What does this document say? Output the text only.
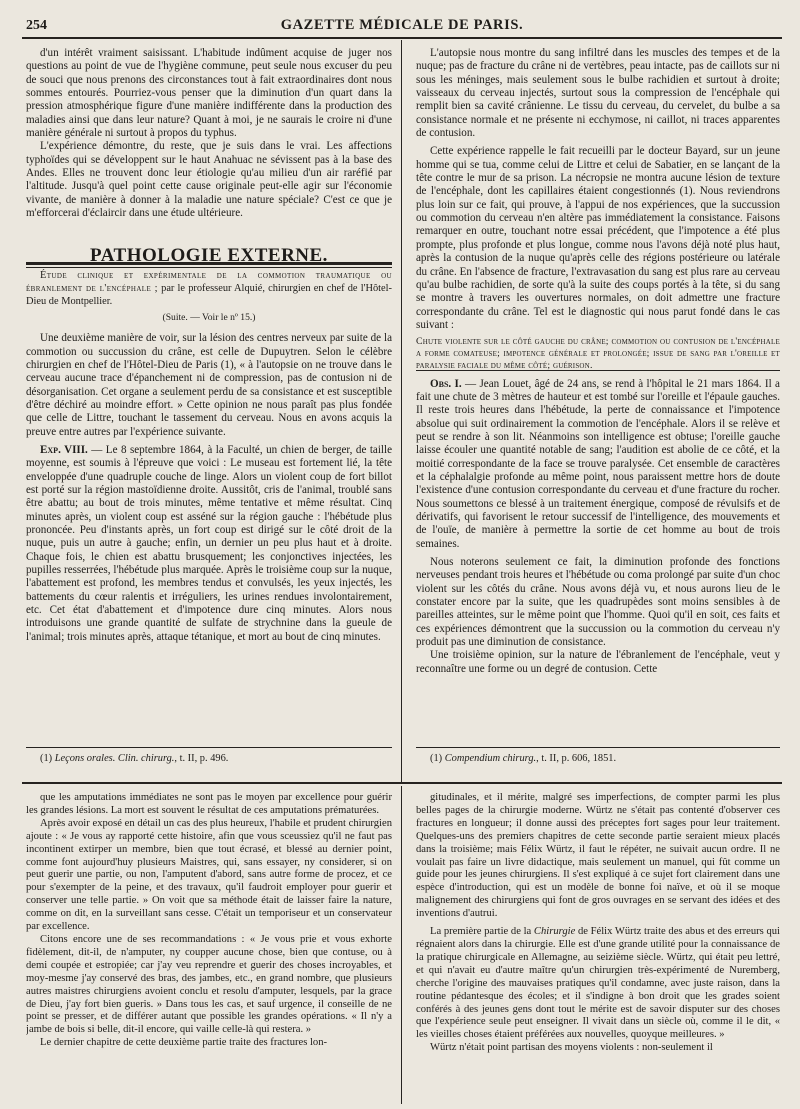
254	GAZETTE MÉDICALE DE PARIS.

d'un intérêt vraiment saisissant. L'habitude indûment acquise de juger nos questions au point de vue de l'hygiène commune, peut seule nous excuser du peu de souci que nous prenons des circonstances tout à fait extraordinaires dont nous sommes entourés. Pourriez-vous penser que la diminution d'un quart dans la pression atmosphérique figure d'une manière indifférente dans la production des maladies ainsi que dans leur nature? Quant à moi, je ne saurais le croire ni d'une manière générale ni surtout à propos du typhus.

L'expérience démontre, du reste, que je suis dans le vrai. Les affections typhoïdes qui se développent sur le haut Anahuac ne sévissent pas à la base des Andes. Elles ne trouvent donc leur étiologie qu'au milieu d'un air raréfié par l'altitude. Jusqu'à quel point cette cause originale peut-elle agir sur l'économie vivante, de manière à donner à la maladie une nature spéciale? C'est ce que je m'efforcerai d'éclaircir dans une étude ultérieure.

PATHOLOGIE EXTERNE.

Étude clinique et expérimentale de la commotion traumatique ou ébranlement de l'encéphale ; par le professeur Alquié, chirurgien en chef de l'Hôtel-Dieu de Montpellier.

(Suite. — Voir le nº 15.)

Une deuxième manière de voir, sur la lésion des centres nerveux par suite de la commotion ou succussion du crâne, est celle de Dupuytren. Selon le célèbre chirurgien en chef de l'Hôtel-Dieu de Paris (1), « à l'autopsie on ne trouve dans le cerveau aucune trace d'épanchement ni de compression, pas de contusion ni de désorganisation. Cet organe a seulement perdu de sa consistance et est susceptible d'être déchiré au moindre effort. » Cette opinion ne nous paraît pas plus fondée que celle de Littre, touchant le tassement du cerveau. Nous en avons acquis la preuve entre autres par l'expérience suivante.

Exp. VIII. — Le 8 septembre 1864, à la Faculté, un chien de berger, de taille moyenne, est soumis à l'épreuve que voici : Le museau est fortement lié, la tête enveloppée d'une quadruple couche de linge. Alors un violent coup de fort billot est porté sur la région mastoïdienne droite. Aussitôt, cris de l'animal, troublé sans être abattu; au bout de trois minutes, même tentative et même résultat. Cinq minutes après, un violent coup est asséné sur la région gauche : l'hébétude plus prononcée. Peu d'instants après, un fort coup est dirigé sur le côté droit de la nuque, puis un autre à gauche; enfin, un dernier un peu plus haut et à droite. Chaque fois, le chien est abattu brusquement; les conjonctives injectées, les pupilles resserrées, l'hébétude plus marquée. Après le troisième coup sur la nuque, l'abattement est profond, les membres tendus et convulsés, les yeux injectés, les battements du cœur ralentis et irréguliers, les urines rendues involontairement, etc. Cet état d'abattement et d'impotence dure cinq minutes. Alors nous introduisons une grande quantité de sulfate de strychnine dans la gueule de l'animal; trois minutes après, attaque tétanique, et mort au bout de cinq minutes.

L'autopsie nous montre du sang infiltré dans les muscles des tempes et de la nuque; pas de fracture du crâne ni de vertèbres, peau intacte, pas de caillots sur ni sous les méninges, mais seulement sous le bulbe rachidien et surtout à droite; vaisseaux du cerveau injectés, surtout sous la compression de l'encéphale qui remplit bien sa cavité crânienne. Le tissu du cerveau, du cervelet, du bulbe a sa consistance normale et ne présente ni ecchymose, ni caillot, ni traces apparentes de contusion.

Cette expérience rappelle le fait recueilli par le docteur Bayard, sur un jeune homme qui se tua, comme celui de Littre et celui de Sabatier, en se lançant de la tête contre le mur de sa prison. La nécropsie ne montra aucune lésion de texture de l'encéphale, dont les capillaires étaient congestionnés (1). Nous reviendrons plus loin sur ce fait, qui prouve, à l'appui de nos expériences, que la succussion ou commotion du cerveau n'en altère pas immédiatement la consistance. Faisons remarquer en outre, touchant notre essai précédent, que l'impotence a été plus prompte, plus profonde et plus longue, comme nous l'avons déjà noté plus haut, après la contusion de la nuque qu'après celle des régions postérieure ou latérale du crâne. En l'absence de fracture, l'extravasation du sang est plus rare au cerveau qu'au bulbe rachidien, de sorte qu'à la suite des coups portés à la tête, si du sang se montre à travers les ouvertures normales, on doit admettre une fracture correspondante du crâne. Tel est le diagnostic qui nous parut fondé dans le cas suivant :

Chute violente sur le côté gauche du crâne; commotion ou contusion de l'encéphale a forme comateuse; impotence générale et prolongée; issue de sang par l'oreille et paralysie faciale du même côté; guérison.

Obs. I. — Jean Louet, âgé de 24 ans, se rend à l'hôpital le 21 mars 1864. Il a fait une chute de 3 mètres de hauteur et est tombé sur l'oreille et l'épaule gauches. Il reste trois heures dans l'hébétude, la perte de connaissance et l'impotence absolue qui suit ordinairement la commotion de l'encéphale. Alors il se relève et peut se rendre à son lit. Néanmoins son intelligence est obtuse; l'oreille gauche laisse écouler une quantité notable de sang; l'audition est abolie de ce côté, et la moitié correspondante de la face se trouve paralysée. Cet ensemble de caractères et la céphalalgie profonde au même point, nous paraissent mettre hors de doute l'existence d'une contusion correspondante du cerveau et d'une fracture du rocher. Nous soumettons ce blessé à un traitement énergique, composé de révulsifs et de dérivatifs, qui favorisent le retour successif de l'intelligence, des mouvements et de l'ouïe, de manière à permettre la sortie de cet homme au bout de trois semaines.

Nous noterons seulement ce fait, la diminution profonde des fonctions nerveuses pendant trois heures et l'hébétude ou coma prolongé par suite d'un choc violent sur les côtés du crâne. Nous avons déjà vu, et nous aurons lieu de le constater encore par la suite, que les quadrupèdes sont moins sensibles à de pareilles atteintes, sur le même point que l'homme. Quoi qu'il en soit, ces faits et ces expériences démontrent que la succussion ou la commotion du cerveau n'y produit pas une diminution de consistance.

Une troisième opinion, sur la nature de l'ébranlement de l'encéphale, veut y reconnaître une forme ou un degré de contusion. Cette

(1) Leçons orales. Clin. chirurg., t. II, p. 496.	(1) Compendium chirurg., t. II, p. 606, 1851.

que les amputations immédiates ne sont pas le moyen par excellence pour guérir les grandes lésions. La mort est souvent le résultat de ces amputations prématurées.

Après avoir exposé en détail un cas des plus heureux, l'habile et prudent chirurgien ajoute : « Je vous ay rapporté cette histoire, afin que vous sceussiez qu'il ne faut pas incontinent extirper un membre, bien que tout écrasé, et blessé au dernier point, comme font aujourd'huy plusieurs Maistres, qui, sans essayer, ny considerer, si on peut guerir une partie, ou non, l'amputent d'abord, sans autre forme de procez, et ce pour s'exempter de la peine, et des travaux, qu'il faudroit employer pour guerir et conserver une telle partie. » On voit que sa méthode était de laisser faire la nature, comme on dit, en la surveillant sans cesse. C'était un temporiseur et un conservateur par excellence.

Citons encore une de ses recommandations : « Je vous prie et vous exhorte fidèlement, dit-il, de n'amputer, ny coupper aucune chose, bien que contuse, ou à demi coupée et estropiée; car j'ay veu reprendre et guerir des choses incroyables, et moy-mesme j'ay conservé des bras, des jambes, etc., en grand nombre, que plusieurs autres maistres chirurgiens avoient conclu et resolu d'amputer, lesquels, par la grace de Dieu, j'ay fort bien gueris. » Dans tous les cas, et sauf urgence, il conseille de ne point se presser, et de différer autant que possible les grandes opérations. « Il n'y a jambe de bois si belle, dit-il encore, qui vaille celle-là qui restera. »

Le dernier chapitre de cette deuxième partie traite des fractures lon-

gitudinales, et il mérite, malgré ses imperfections, de compter parmi les plus belles pages de la chirurgie moderne. Würtz ne s'était pas contenté d'observer ces fractures en longueur; il donne aussi des préceptes fort sages pour leur traitement. Quelques-uns des premiers chapitres de cette seconde partie seraient mieux placés dans la troisième; mais Félix Würtz, il faut le répéter, ne suivait aucun ordre. Il ne voulait pas faire un livre didactique, mais seulement un manuel, qui fût comme un guide pour les jeunes chirurgiens. Il s'est expliqué à ce sujet fort clairement dans une espèce d'introduction, qui est un modèle de bonne foi naïve, et où il se moque malignement des chirurgiens qui font de gros ouvrages en se servant des idées et des inventions d'autrui.

La première partie de la Chirurgie de Félix Würtz traite des abus et des erreurs qui régnaient alors dans la chirurgie. Elle est d'une grande utilité pour la connaissance de la pratique chirurgicale en Allemagne, au seizième siècle. Würtz, qui était peu lettré, et qui n'avait eu d'autre maître qu'un chirurgien très-expérimenté de Nuremberg, cherche l'origine des mauvaises pratiques qu'il condamne, avec juste raison, dans la routine pédantesque des écoles; et il s'indigne à bon droit que les grades soient conférés à des jeunes gens dont tout le mérite est de savoir disputer sur des choses que l'expérience seule peut enseigner. Il vivait dans un siècle où, comme il le dit, « les vieilles choses étaient préférées aux nouvelles, quoyque meilleures. »

Würtz n'était point partisan des moyens violents : non-seulement il
